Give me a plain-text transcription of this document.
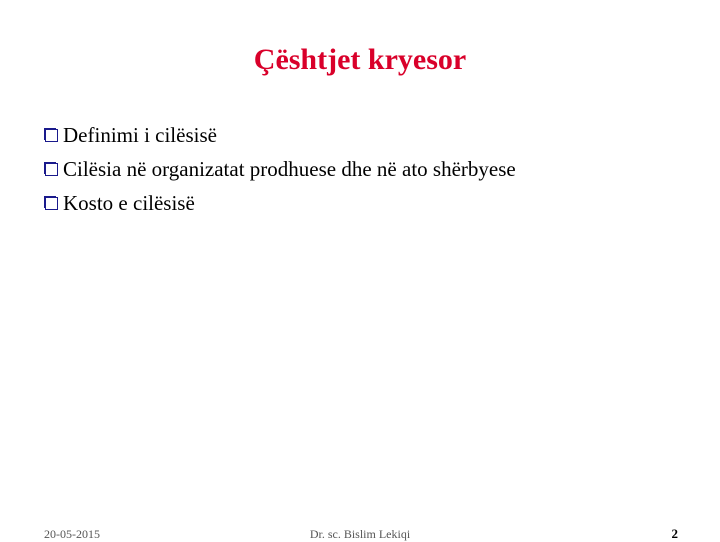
Çështjet kryesor
Definimi i cilësisë
Cilësia në organizatat prodhuese dhe në ato shërbyese
Kosto e cilësisë
20-05-2015	Dr. sc. Bislim Lekiqi	2
